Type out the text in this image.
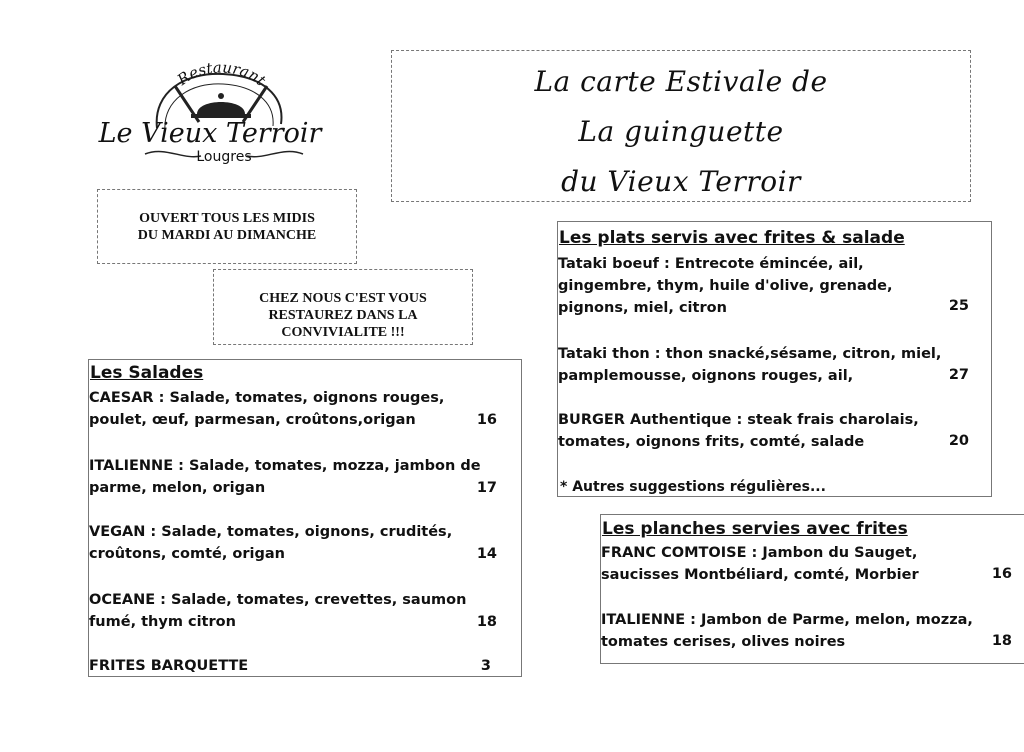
Restaurant
Le Vieux Terroir
Lougres
La carte Estivale de
La guinguette
du Vieux Terroir
OUVERT TOUS LES MIDIS
DU MARDI AU DIMANCHE
CHEZ NOUS C'EST VOUS
RESTAUREZ DANS LA
CONVIVIALITE !!!
Les Salades
CAESAR : Salade, tomates, oignons rouges,
poulet, œuf, parmesan, croûtons,origan	16
ITALIENNE : Salade, tomates, mozza, jambon de
parme, melon, origan	17
VEGAN : Salade, tomates, oignons, crudités,
croûtons, comté, origan	14
OCEANE : Salade, tomates, crevettes, saumon
fumé, thym citron	18
FRITES BARQUETTE	3
Les plats servis avec frites & salade
Tataki boeuf : Entrecote émincée, ail,
gingembre, thym, huile d'olive, grenade,
pignons, miel, citron	25
Tataki thon : thon snacké,sésame, citron, miel,
pamplemousse, oignons rouges, ail,	27
BURGER Authentique : steak frais charolais,
tomates, oignons frits, comté, salade	20
* Autres suggestions régulières...
Les planches servies avec frites
FRANC COMTOISE : Jambon du Sauget,
saucisses Montbéliard, comté, Morbier	16
ITALIENNE : Jambon de Parme, melon, mozza,
tomates cerises, olives noires	18
